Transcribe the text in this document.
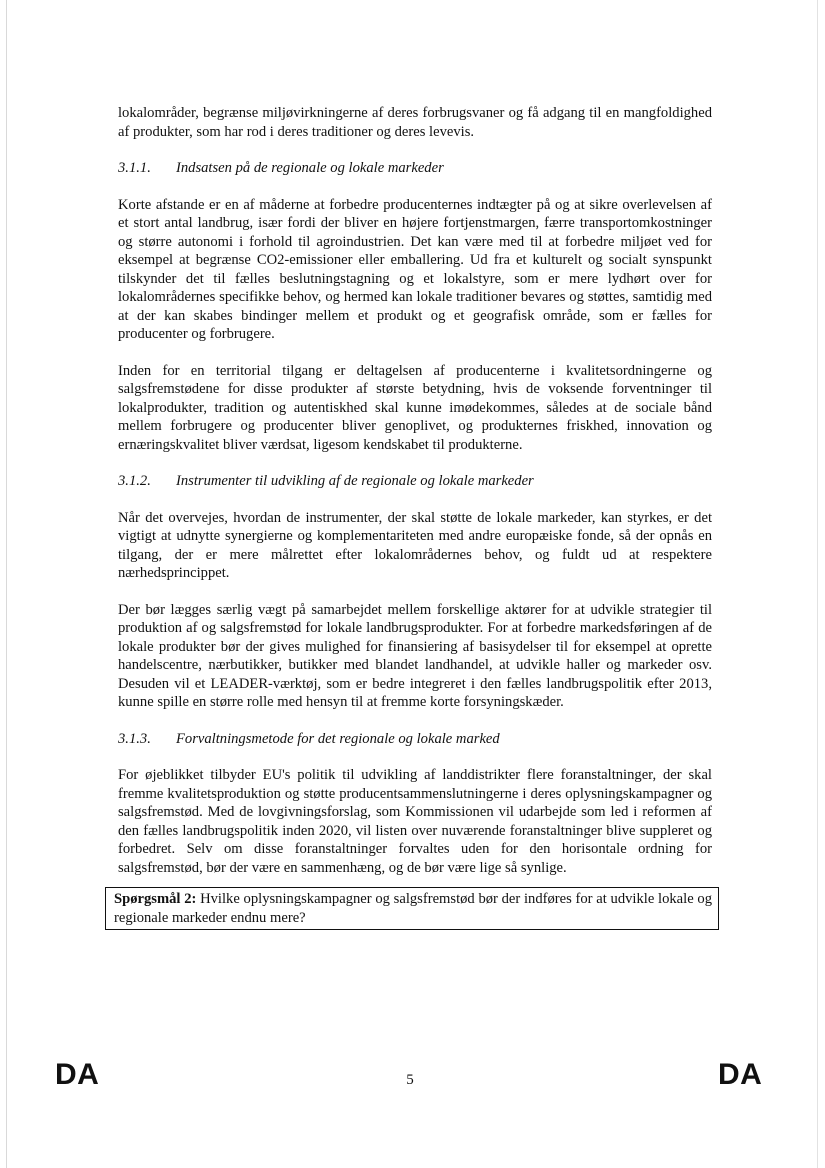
lokalområder, begrænse miljøvirkningerne af deres forbrugsvaner og få adgang til en mangfoldighed af produkter, som har rod i deres traditioner og deres levevis.

3.1.1.	Indsatsen på de regionale og lokale markeder

Korte afstande er en af måderne at forbedre producenternes indtægter på og at sikre overlevelsen af et stort antal landbrug, især fordi der bliver en højere fortjenstmargen, færre transportomkostninger og større autonomi i forhold til agroindustrien. Det kan være med til at forbedre miljøet ved for eksempel at begrænse CO2-emissioner eller emballering. Ud fra et kulturelt og socialt synspunkt tilskynder det til fælles beslutningstagning og et lokalstyre, som er mere lydhørt over for lokalområdernes specifikke behov, og hermed kan lokale traditioner bevares og støttes, samtidig med at der kan skabes bindinger mellem et produkt og et geografisk område, som er fælles for producenter og forbrugere.

Inden for en territorial tilgang er deltagelsen af producenterne i kvalitetsordningerne og salgsfremstødene for disse produkter af største betydning, hvis de voksende forventninger til lokalprodukter, tradition og autentiskhed skal kunne imødekommes, således at de sociale bånd mellem forbrugere og producenter bliver genoplivet, og produkternes friskhed, innovation og ernæringskvalitet bliver værdsat, ligesom kendskabet til produkterne.

3.1.2.	Instrumenter til udvikling af de regionale og lokale markeder

Når det overvejes, hvordan de instrumenter, der skal støtte de lokale markeder, kan styrkes, er det vigtigt at udnytte synergierne og komplementariteten med andre europæiske fonde, så der opnås en tilgang, der er mere målrettet efter lokalområdernes behov, og fuldt ud at respektere nærhedsprincippet.

Der bør lægges særlig vægt på samarbejdet mellem forskellige aktører for at udvikle strategier til produktion af og salgsfremstød for lokale landbrugsprodukter. For at forbedre markedsføringen af de lokale produkter bør der gives mulighed for finansiering af basisydelser til for eksempel at oprette handelscentre, nærbutikker, butikker med blandet landhandel, at udvikle haller og markeder osv. Desuden vil et LEADER-værktøj, som er bedre integreret i den fælles landbrugspolitik efter 2013, kunne spille en større rolle med hensyn til at fremme korte forsyningskæder.

3.1.3.	Forvaltningsmetode for det regionale og lokale marked

For øjeblikket tilbyder EU's politik til udvikling af landdistrikter flere foranstaltninger, der skal fremme kvalitetsproduktion og støtte producentsammenslutningerne i deres oplysningskampagner og salgsfremstød. Med de lovgivningsforslag, som Kommissionen vil udarbejde som led i reformen af den fælles landbrugspolitik inden 2020, vil listen over nuværende foranstaltninger blive suppleret og forbedret. Selv om disse foranstaltninger forvaltes uden for den horisontale ordning for salgsfremstød, bør der være en sammenhæng, og de bør være lige så synlige.

Spørgsmål 2: Hvilke oplysningskampagner og salgsfremstød bør der indføres for at udvikle lokale og regionale markeder endnu mere?

DA	5	DA
